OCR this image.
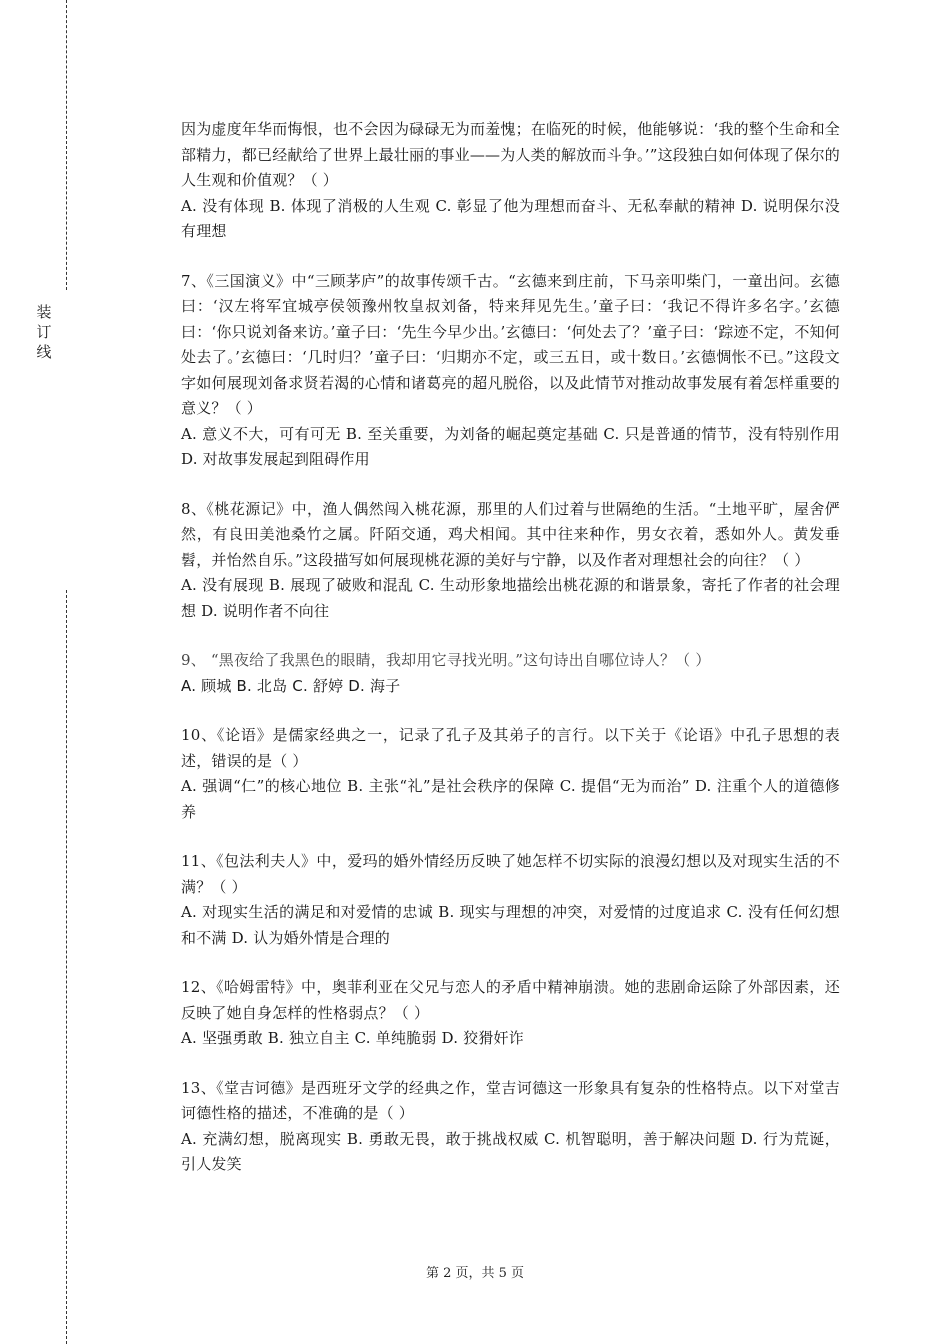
装
订
线

因为虚度年华而悔恨，也不会因为碌碌无为而羞愧；在临死的时候，他能够说：‘我的整个生命和全部精力，都已经献给了世界上最壮丽的事业——为人类的解放而斗争。’”这段独白如何体现了保尔的人生观和价值观？（ ）

A. 没有体现 B. 体现了消极的人生观 C. 彰显了他为理想而奋斗、无私奉献的精神 D. 说明保尔没有理想

7、《三国演义》中“三顾茅庐”的故事传颂千古。“玄德来到庄前，下马亲叩柴门，一童出问。玄德曰：‘汉左将军宜城亭侯领豫州牧皇叔刘备，特来拜见先生。’童子曰：‘我记不得许多名字。’玄德曰：‘你只说刘备来访。’童子曰：‘先生今早少出。’玄德曰：‘何处去了？’童子曰：‘踪迹不定，不知何处去了。’玄德曰：‘几时归？’童子曰：‘归期亦不定，或三五日，或十数日。’玄德惆怅不已。”这段文字如何展现刘备求贤若渴的心情和诸葛亮的超凡脱俗，以及此情节对推动故事发展有着怎样重要的意义？（ ）

A. 意义不大，可有可无 B. 至关重要，为刘备的崛起奠定基础 C. 只是普通的情节，没有特别作用 D. 对故事发展起到阻碍作用

8、《桃花源记》中，渔人偶然闯入桃花源，那里的人们过着与世隔绝的生活。“土地平旷，屋舍俨然，有良田美池桑竹之属。阡陌交通，鸡犬相闻。其中往来种作，男女衣着，悉如外人。黄发垂髫，并怡然自乐。”这段描写如何展现桃花源的美好与宁静，以及作者对理想社会的向往？（ ）

A. 没有展现 B. 展现了破败和混乱 C. 生动形象地描绘出桃花源的和谐景象，寄托了作者的社会理想 D. 说明作者不向往

9、 “黑夜给了我黑色的眼睛，我却用它寻找光明。”这句诗出自哪位诗人？（ ）

A. 顾城 B. 北岛 C. 舒婷 D. 海子

10、《论语》是儒家经典之一，记录了孔子及其弟子的言行。以下关于《论语》中孔子思想的表述，错误的是（ ）

A. 强调“仁”的核心地位 B. 主张“礼”是社会秩序的保障 C. 提倡“无为而治” D. 注重个人的道德修养

11、《包法利夫人》中，爱玛的婚外情经历反映了她怎样不切实际的浪漫幻想以及对现实生活的不满？（ ）

A. 对现实生活的满足和对爱情的忠诚 B. 现实与理想的冲突，对爱情的过度追求 C. 没有任何幻想和不满 D. 认为婚外情是合理的

12、《哈姆雷特》中，奥菲利亚在父兄与恋人的矛盾中精神崩溃。她的悲剧命运除了外部因素，还反映了她自身怎样的性格弱点？（ ）

A. 坚强勇敢 B. 独立自主 C. 单纯脆弱 D. 狡猾奸诈

13、《堂吉诃德》是西班牙文学的经典之作，堂吉诃德这一形象具有复杂的性格特点。以下对堂吉诃德性格的描述，不准确的是（ ）

A. 充满幻想，脱离现实 B. 勇敢无畏，敢于挑战权威 C. 机智聪明，善于解决问题 D. 行为荒诞，引人发笑

第 2 页，共 5 页
